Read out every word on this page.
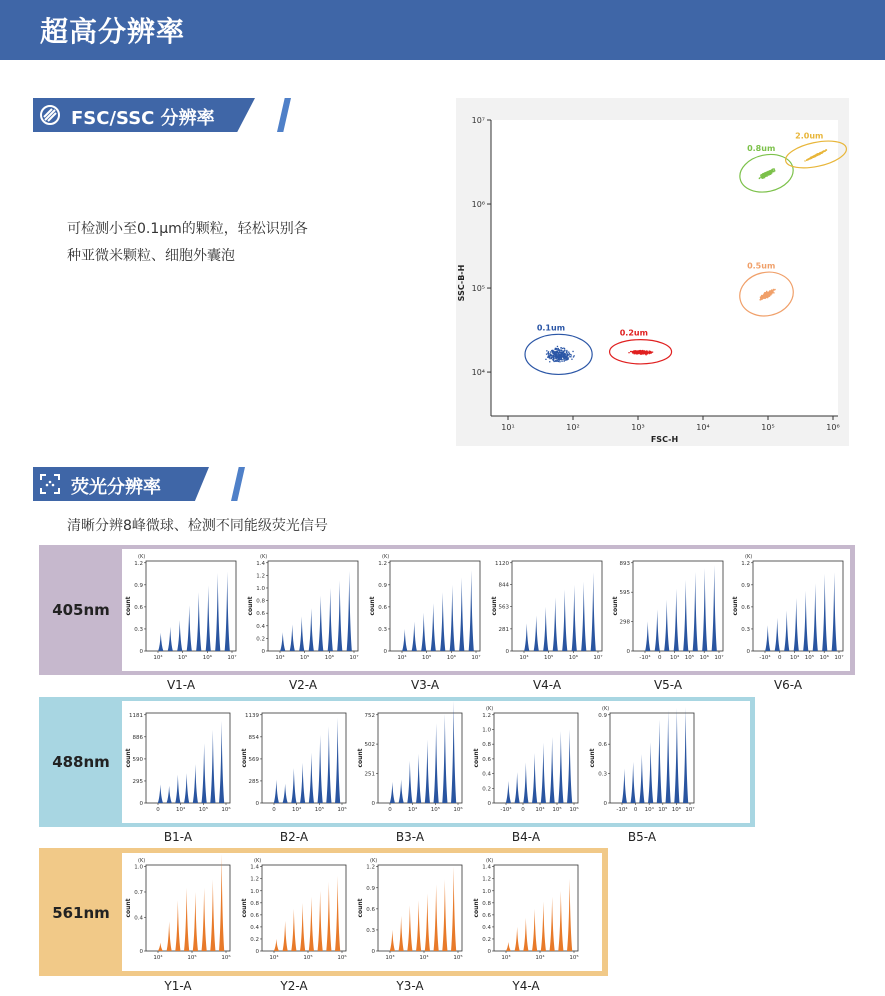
超高分辨率
FSC/SSC 分辨率
可检测小至0.1μm的颗粒，轻松识别各
种亚微米颗粒、细胞外囊泡
10¹	10²	10³	10⁴	10⁵	10⁶
10⁴
10⁵
10⁶
10⁷
FSC-H
SSC-B-H
0.1um
0.2um
0.5um
0.8um
2.0um
荧光分辨率
清晰分辨8峰微球、检测不同能级荧光信号
405nm
0
0.3
0.6
0.9
1.2
count
(K)
10⁴	10⁵	10⁶	10⁷
0
0.2
0.4
0.6
0.8
1.0
1.2
1.4
count
(K)
10⁴	10⁵	10⁶	10⁷
0
0.3
0.6
0.9
1.2
count
(K)
10⁴	10⁵	10⁶	10⁷
0
281
563
844
1120
count
10⁴	10⁵	10⁶	10⁷
0
298
595
893
count
-10⁴ 0 10⁴ 10⁵ 10⁶ 10⁷
0
0.3
0.6
0.9
1.2
count
(K)
-10⁴ 0 10⁴ 10⁵ 10⁶ 10⁷
V1-A	V2-A	V3-A	V4-A	V5-A	V6-A
488nm
0
295
590
886
1181
count
0	10⁴ 10⁵ 10⁶
0
285
569
854
1139
count
0	10⁴ 10⁵ 10⁶
0
251
502
752
count
0	10⁴ 10⁵ 10⁶
0
0.2
0.4
0.6
0.8
1.0
1.2
count
(K)
-10⁴ 0 10⁴ 10⁵ 10⁶
0
0.3
0.6
0.9
count
(K)
-10⁴ 0 10⁴ 10⁵ 10⁶ 10⁷
B1-A	B2-A	B3-A	B4-A	B5-A
561nm
0
0.4
0.7
1.0
count
(K)
10⁴	10⁵	10⁶
0
0.2
0.4
0.6
0.8
1.0
1.2
1.4
count
(K)
10⁴	10⁵	10⁶
0
0.3
0.6
0.9
1.2
count
(K)
10³	10⁴	10⁵
0
0.2
0.4
0.6
0.8
1.0
1.2
1.4
count
(K)
10³	10⁴	10⁵
Y1-A	Y2-A	Y3-A	Y4-A
